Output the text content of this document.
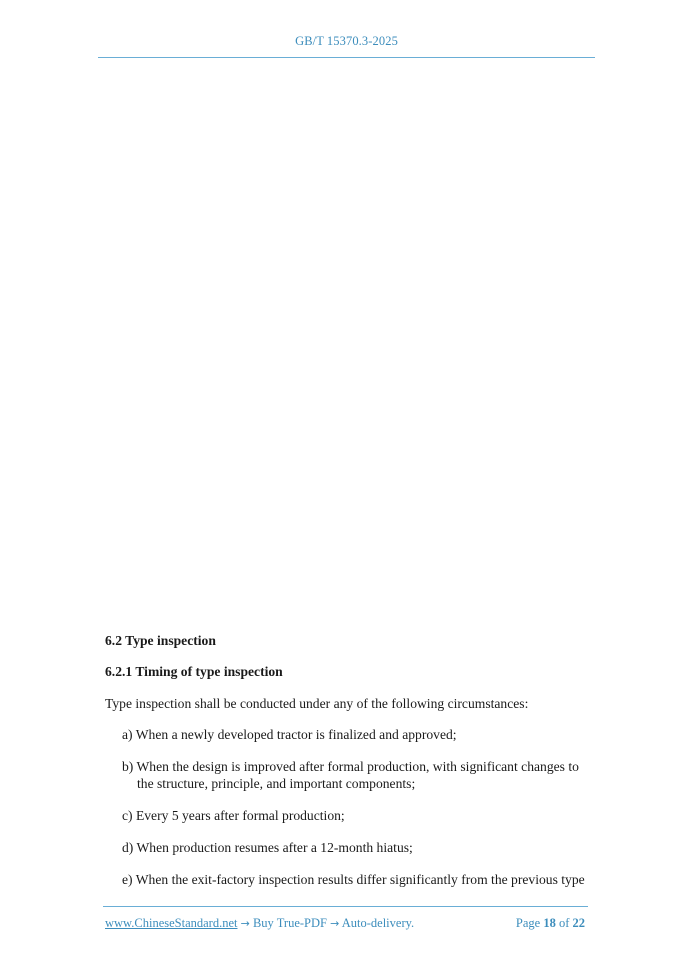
GB/T 15370.3-2025

6.2 Type inspection

6.2.1 Timing of type inspection

Type inspection shall be conducted under any of the following circumstances:

a) When a newly developed tractor is finalized and approved;
b) When the design is improved after formal production, with significant changes to the structure, principle, and important components;
c) Every 5 years after formal production;
d) When production resumes after a 12-month hiatus;
e) When the exit-factory inspection results differ significantly from the previous type
www.ChineseStandard.net → Buy True-PDF → Auto-delivery.	Page 18 of 22
